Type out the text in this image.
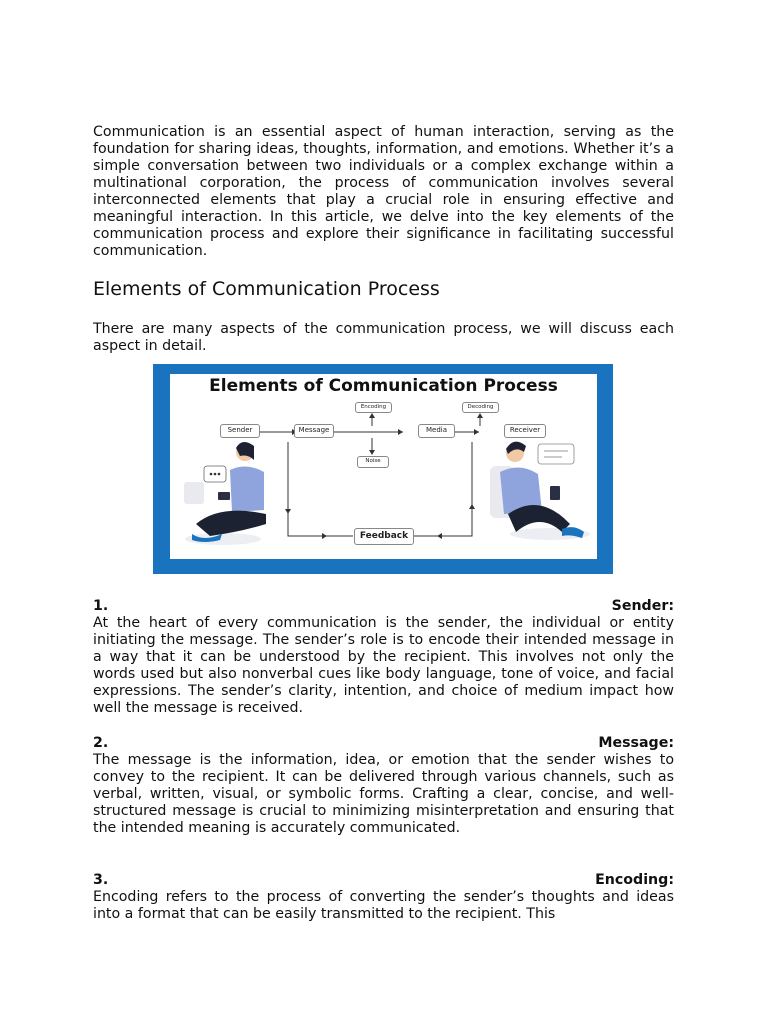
Communication is an essential aspect of human interaction, serving as the foundation for sharing ideas, thoughts, information, and emotions. Whether it’s a simple conversation between two individuals or a complex exchange within a multinational corporation, the process of communication involves several interconnected elements that play a crucial role in ensuring effective and meaningful interaction. In this article, we delve into the key elements of the communication process and explore their significance in facilitating successful communication.

Elements of Communication Process

There are many aspects of the communication process, we will discuss each aspect in detail.

Elements of Communication Process
Sender	Message
Encoding
Noise
Media
Decoding
Receiver
Feedback
1.	Sender:

At the heart of every communication is the sender, the individual or entity initiating the message. The sender’s role is to encode their intended message in a way that it can be understood by the recipient. This involves not only the words used but also nonverbal cues like body language, tone of voice, and facial expressions. The sender’s clarity, intention, and choice of medium impact how well the message is received.

2.	Message:

The message is the information, idea, or emotion that the sender wishes to convey to the recipient. It can be delivered through various channels, such as verbal, written, visual, or symbolic forms. Crafting a clear, concise, and well-structured message is crucial to minimizing misinterpretation and ensuring that the intended meaning is accurately communicated.

3.	Encoding:

Encoding refers to the process of converting the sender’s thoughts and ideas into a format that can be easily transmitted to the recipient. This
